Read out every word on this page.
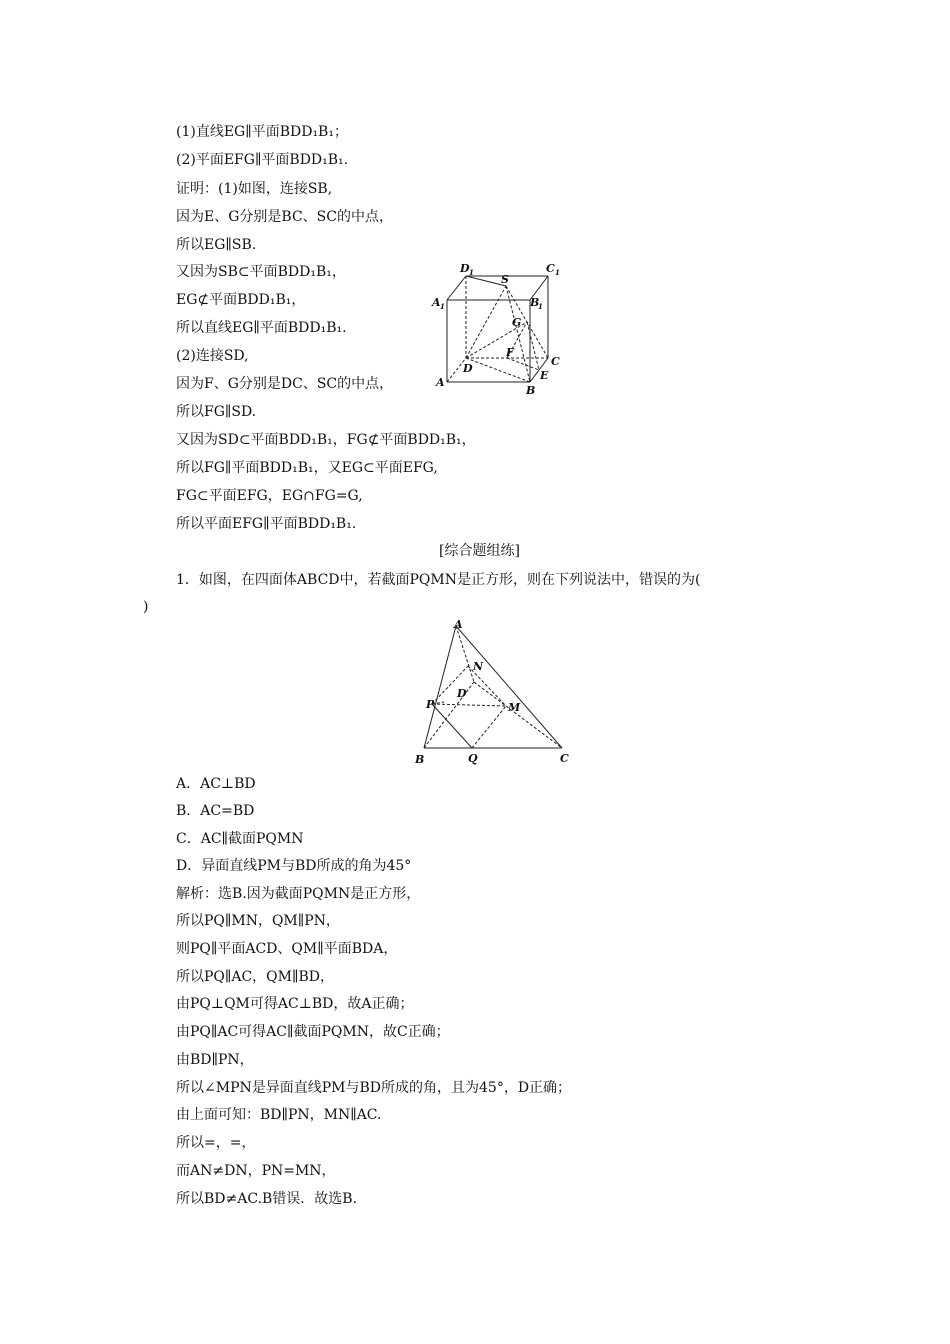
(1)直线EG∥平面BDD₁B₁；
(2)平面EFG∥平面BDD₁B₁.
证明：(1)如图，连接SB,
因为E、G分别是BC、SC的中点，
所以EG∥SB.
又因为SB⊂平面BDD₁B₁，
EG⊄平面BDD₁B₁，
所以直线EG∥平面BDD₁B₁.
(2)连接SD,
因为F、G分别是DC、SC的中点，
所以FG∥SD.
又因为SD⊂平面BDD₁B₁，FG⊄平面BDD₁B₁，
所以FG∥平面BDD₁B₁，又EG⊂平面EFG,
FG⊂平面EFG，EG∩FG=G,
所以平面EFG∥平面BDD₁B₁.
D 1	C 1
S
A 1	B
1
G
F
C
D
E
A
B
[综合题组练]
1．如图，在四面体ABCD中，若截面PQMN是正方形，则在下列说法中，错误的为(
)
A
N
D
P	M
B	Q	C
A．AC⊥BD
B．AC=BD
C．AC∥截面PQMN
D．异面直线PM与BD所成的角为45°
解析：选B.因为截面PQMN是正方形，
所以PQ∥MN，QM∥PN，
则PQ∥平面ACD、QM∥平面BDA，
所以PQ∥AC，QM∥BD，
由PQ⊥QM可得AC⊥BD，故A正确；
由PQ∥AC可得AC∥截面PQMN，故C正确；
由BD∥PN，
所以∠MPN是异面直线PM与BD所成的角，且为45°，D正确；
由上面可知：BD∥PN，MN∥AC.
所以=，=，
而AN≠DN，PN=MN，
所以BD≠AC.B错误．故选B.
